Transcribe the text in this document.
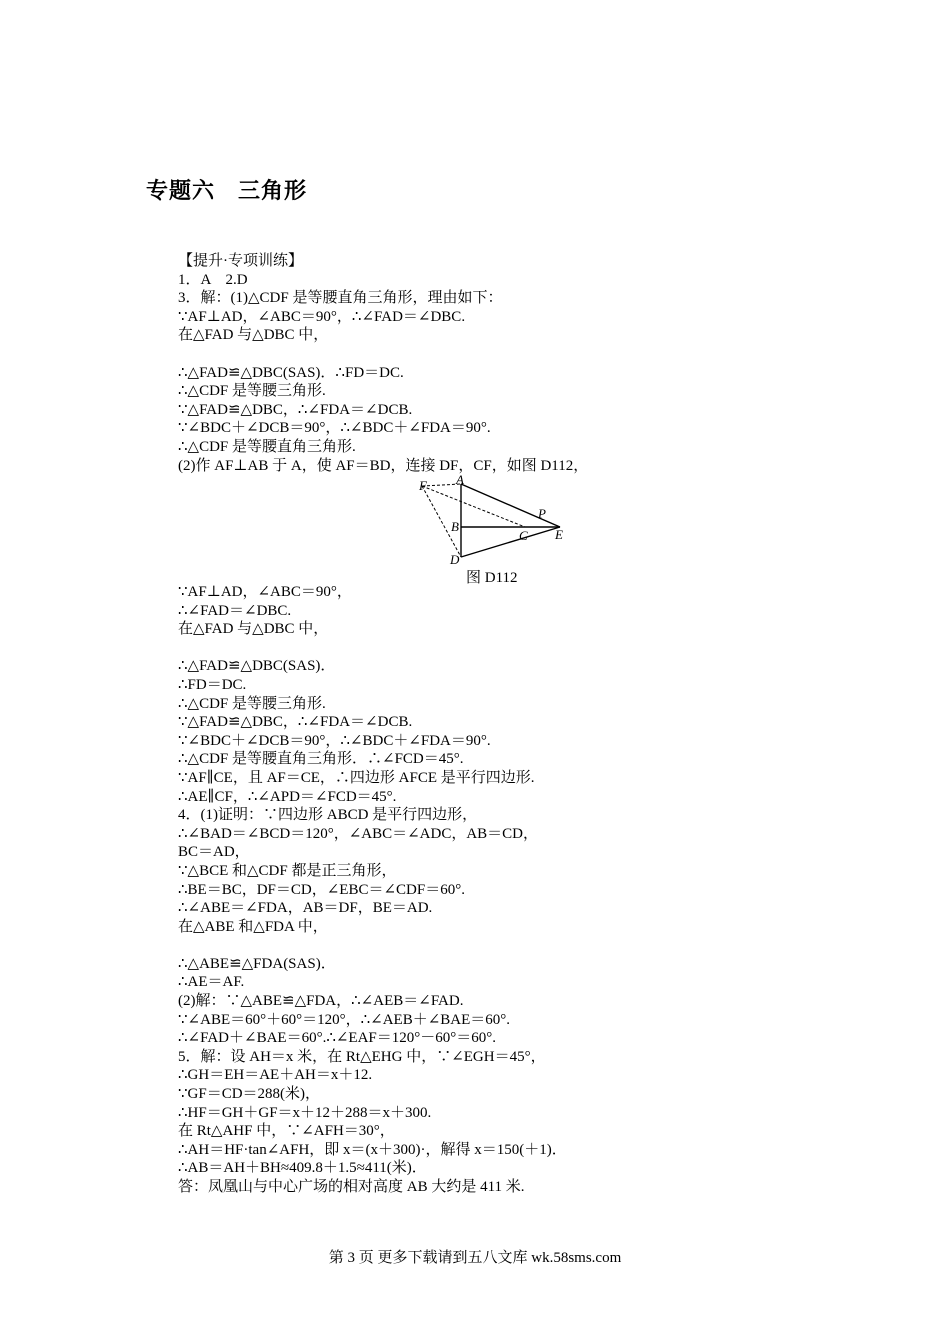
专题六　三角形
【提升·专项训练】
1．A　2.D
3．解：(1)△CDF 是等腰直角三角形，理由如下：
∵AF⊥AD，∠ABC＝90°，∴∠FAD＝∠DBC.
在△FAD 与△DBC 中，
∴△FAD≌△DBC(SAS)．∴FD＝DC.
∴△CDF 是等腰三角形.
∵△FAD≌△DBC，∴∠FDA＝∠DCB.
∵∠BDC＋∠DCB＝90°，∴∠BDC＋∠FDA＝90°.
∴△CDF 是等腰直角三角形.
(2)作 AF⊥AB 于 A，使 AF＝BD，连接 DF，CF，如图 D112，
A
F
B
P
C E
D
图 D112
∵AF⊥AD，∠ABC＝90°，
∴∠FAD＝∠DBC.
在△FAD 与△DBC 中，
∴△FAD≌△DBC(SAS)．
∴FD＝DC.
∴△CDF 是等腰三角形.
∵△FAD≌△DBC，∴∠FDA＝∠DCB.
∵∠BDC＋∠DCB＝90°，∴∠BDC＋∠FDA＝90°.
∴△CDF 是等腰直角三角形．∴∠FCD＝45°.
∵AF∥CE，且 AF＝CE，∴四边形 AFCE 是平行四边形.
∴AE∥CF，∴∠APD＝∠FCD＝45°.
4．(1)证明：∵四边形 ABCD 是平行四边形，
∴∠BAD＝∠BCD＝120°，∠ABC＝∠ADC，AB＝CD，
BC＝AD，
∵△BCE 和△CDF 都是正三角形，
∴BE＝BC，DF＝CD，∠EBC＝∠CDF＝60°.
∴∠ABE＝∠FDA，AB＝DF，BE＝AD.
在△ABE 和△FDA 中，
∴△ABE≌△FDA(SAS)．
∴AE＝AF.
(2)解：∵△ABE≌△FDA，∴∠AEB＝∠FAD.
∵∠ABE＝60°＋60°＝120°，∴∠AEB＋∠BAE＝60°.
∴∠FAD＋∠BAE＝60°.∴∠EAF＝120°－60°＝60°.
5．解：设 AH＝x 米，在 Rt△EHG 中，∵∠EGH＝45°，
∴GH＝EH＝AE＋AH＝x＋12.
∵GF＝CD＝288(米)，
∴HF＝GH＋GF＝x＋12＋288＝x＋300.
在 Rt△AHF 中，∵∠AFH＝30°，
∴AH＝HF·tan∠AFH，即 x＝(x＋300)·，解得 x＝150(＋1)．
∴AB＝AH＋BH≈409.8＋1.5≈411(米)．
答：凤凰山与中心广场的相对高度 AB 大约是 411 米.
第 3 页 更多下载请到五八文库 wk.58sms.com
